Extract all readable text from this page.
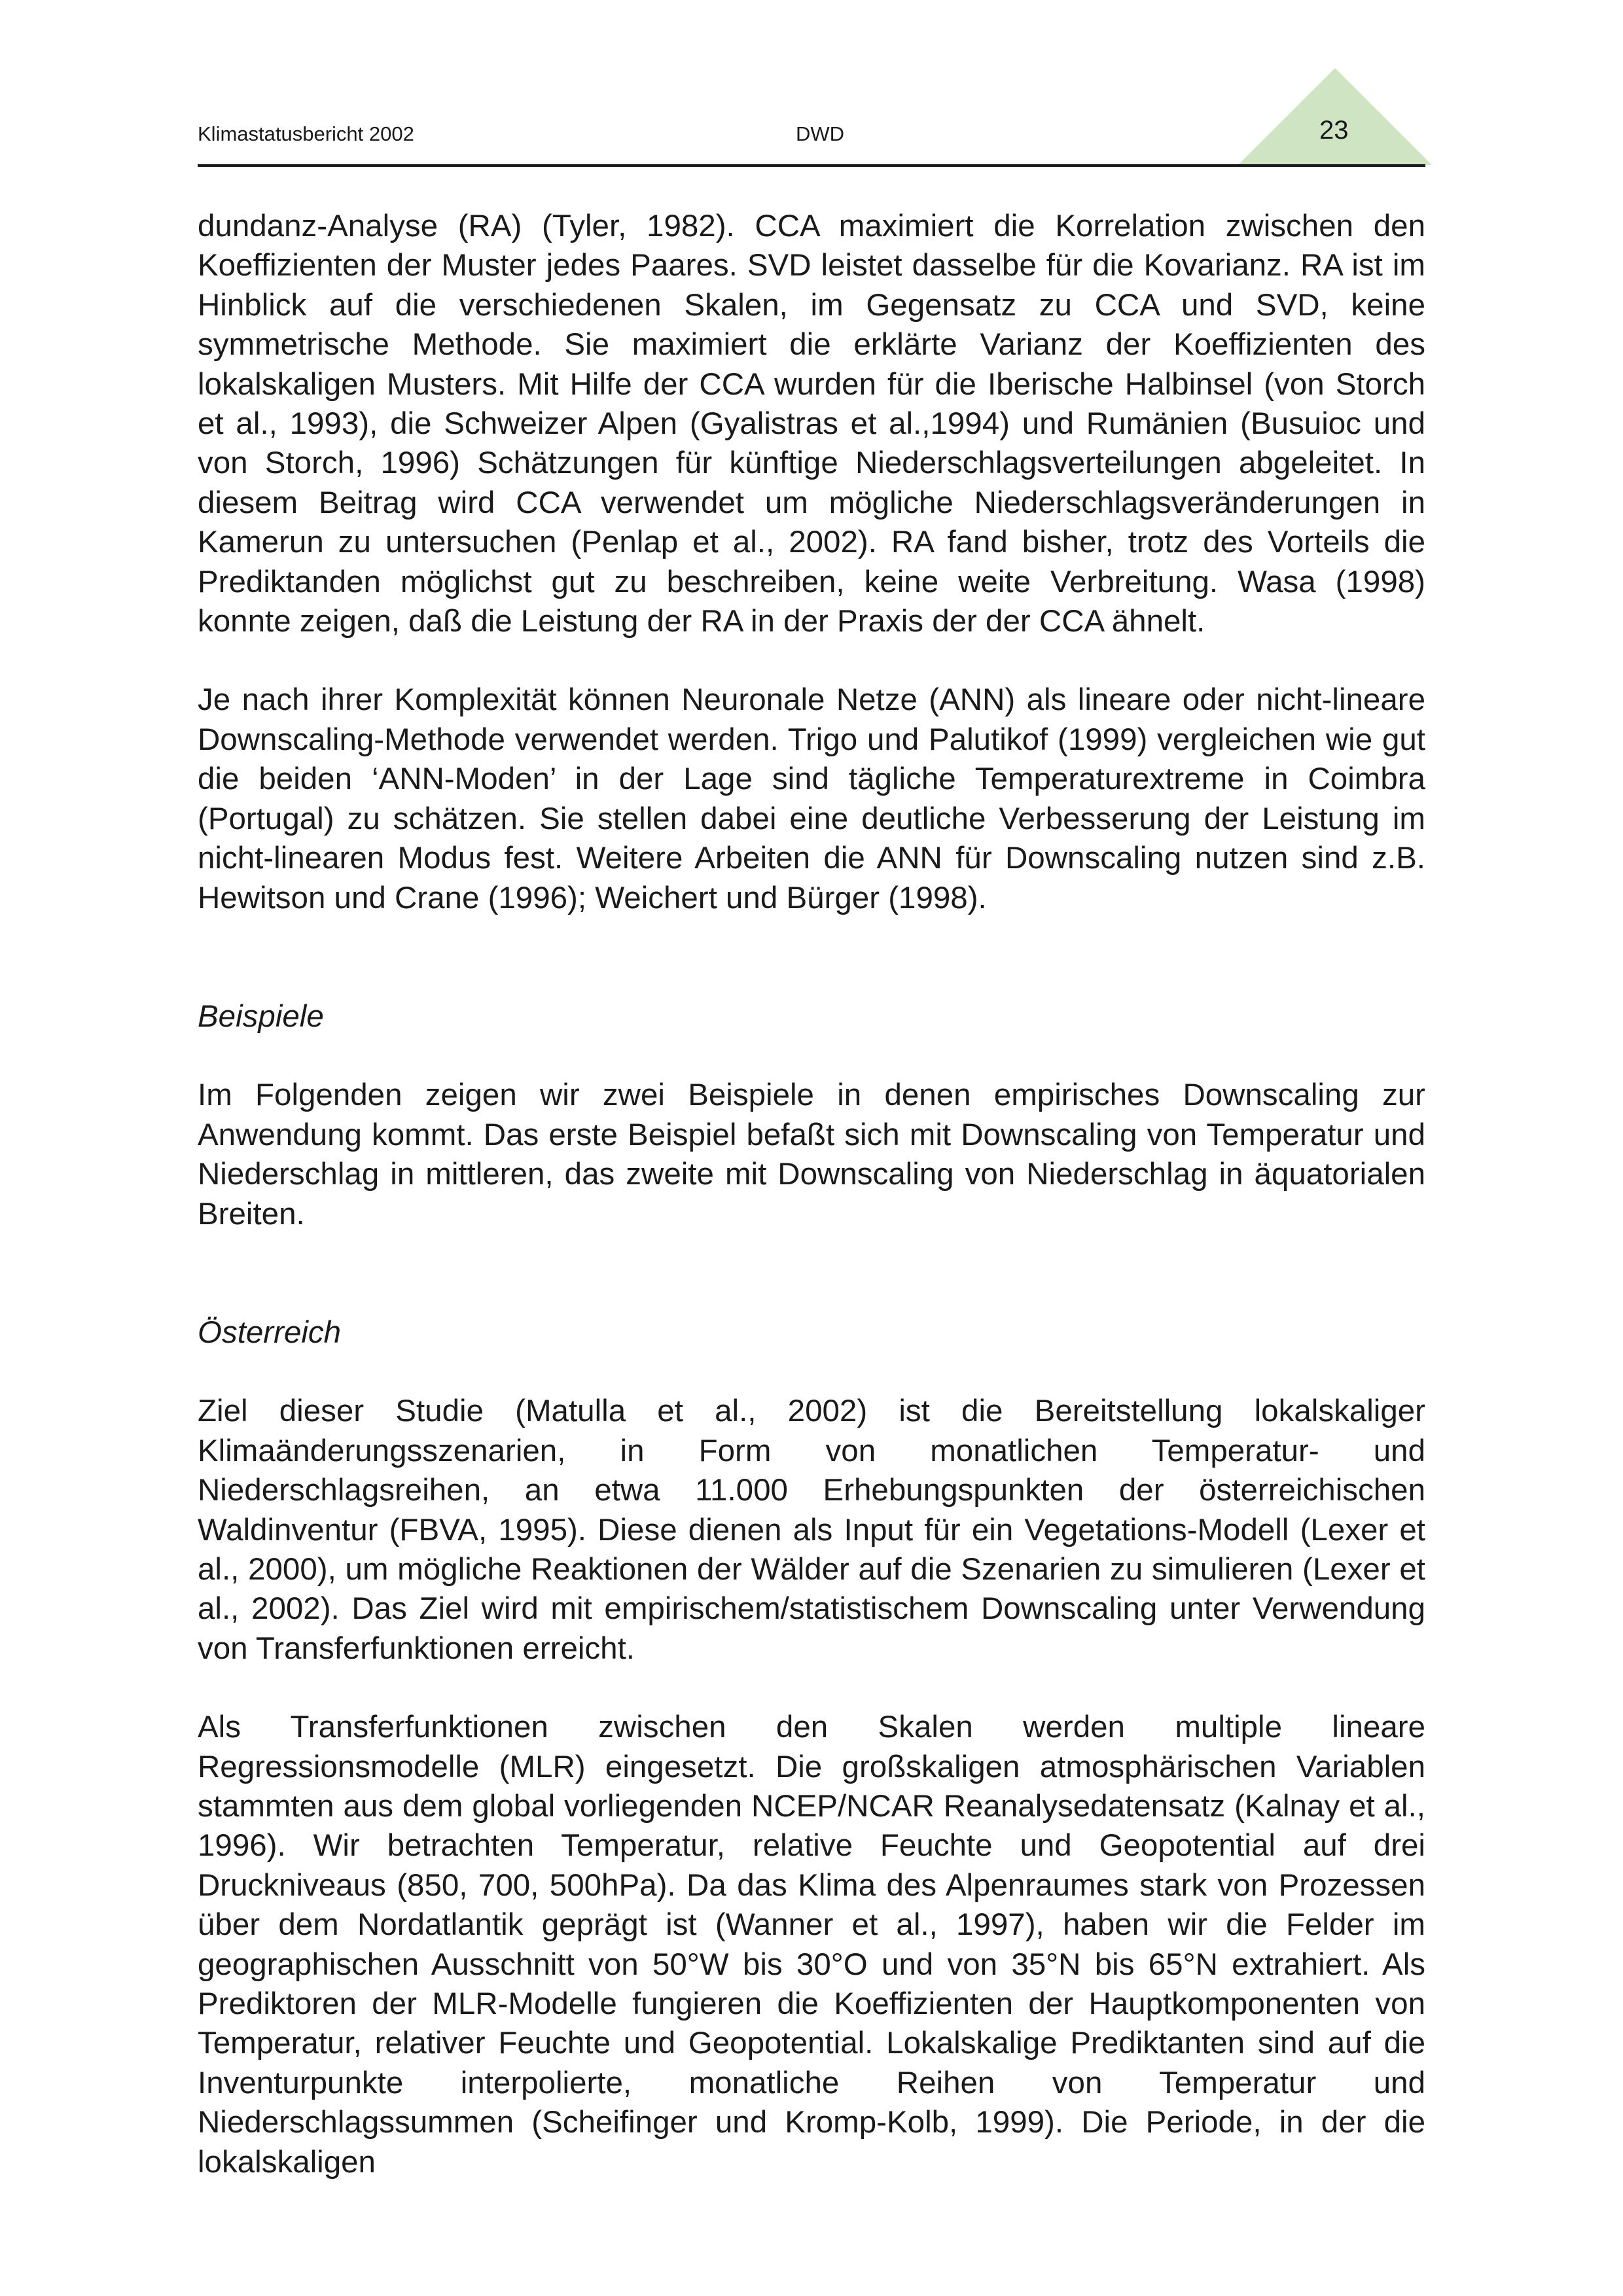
Klimastatusbericht 2002	DWD	23

dundanz-Analyse (RA) (Tyler, 1982). CCA maximiert die Korrelation zwischen den Koeffizienten der Muster jedes Paares. SVD leistet dasselbe für die Kovarianz. RA ist im Hinblick auf die verschiedenen Skalen, im Gegensatz zu CCA und SVD, keine symmetrische Methode. Sie maximiert die erklärte Varianz der Koeffizienten des lokalskaligen Musters. Mit Hilfe der CCA wurden für die Iberische Halbinsel (von Storch et al., 1993), die Schweizer Alpen (Gyalistras et al.,1994) und Rumänien (Busuioc und von Storch, 1996) Schätzungen für künftige Niederschlagsverteilungen abgeleitet. In diesem Beitrag wird CCA verwendet um mögliche Niederschlagsveränderungen in Kamerun zu untersuchen (Penlap et al., 2002). RA fand bisher, trotz des Vorteils die Prediktanden möglichst gut zu beschreiben, keine weite Verbreitung. Wasa (1998) konnte zeigen, daß die Leistung der RA in der Praxis der der CCA ähnelt.

Je nach ihrer Komplexität können Neuronale Netze (ANN) als lineare oder nicht-lineare Downscaling-Methode verwendet werden. Trigo und Palutikof (1999) vergleichen wie gut die beiden ‘ANN-Moden’ in der Lage sind tägliche Temperaturextreme in Coimbra (Portugal) zu schätzen. Sie stellen dabei eine deutliche Verbesserung der Leistung im nicht-linearen Modus fest. Weitere Arbeiten die ANN für Downscaling nutzen sind z.B. Hewitson und Crane (1996); Weichert und Bürger (1998).

Beispiele

Im Folgenden zeigen wir zwei Beispiele in denen empirisches Downscaling zur Anwendung kommt. Das erste Beispiel befaßt sich mit Downscaling von Temperatur und Niederschlag in mittleren, das zweite mit Downscaling von Niederschlag in äquatorialen Breiten.

Österreich

Ziel dieser Studie (Matulla et al., 2002) ist die Bereitstellung lokalskaliger Klimaänderungsszenarien, in Form von monatlichen Temperatur- und Niederschlagsreihen, an etwa 11.000 Erhebungspunkten der österreichischen Waldinventur (FBVA, 1995). Diese dienen als Input für ein Vegetations-Modell (Lexer et al., 2000), um mögliche Reaktionen der Wälder auf die Szenarien zu simulieren (Lexer et al., 2002). Das Ziel wird mit empirischem/statistischem Downscaling unter Verwendung von Transferfunktionen erreicht.

Als Transferfunktionen zwischen den Skalen werden multiple lineare Regressionsmodelle (MLR) eingesetzt. Die großskaligen atmosphärischen Variablen stammten aus dem global vorliegenden NCEP/NCAR Reanalysedatensatz (Kalnay et al., 1996). Wir betrachten Temperatur, relative Feuchte und Geopotential auf drei Druckniveaus (850, 700, 500hPa). Da das Klima des Alpenraumes stark von Prozessen über dem Nordatlantik geprägt ist (Wanner et al., 1997), haben wir die Felder im geographischen Ausschnitt von 50°W bis 30°O und von 35°N bis 65°N extrahiert. Als Prediktoren der MLR-Modelle fungieren die Koeffizienten der Hauptkomponenten von Temperatur, relativer Feuchte und Geopotential. Lokalskalige Prediktanten sind auf die Inventurpunkte interpolierte, monatliche Reihen von Temperatur und Niederschlagssummen (Scheifinger und Kromp-Kolb, 1999). Die Periode, in der die lokalskaligen
